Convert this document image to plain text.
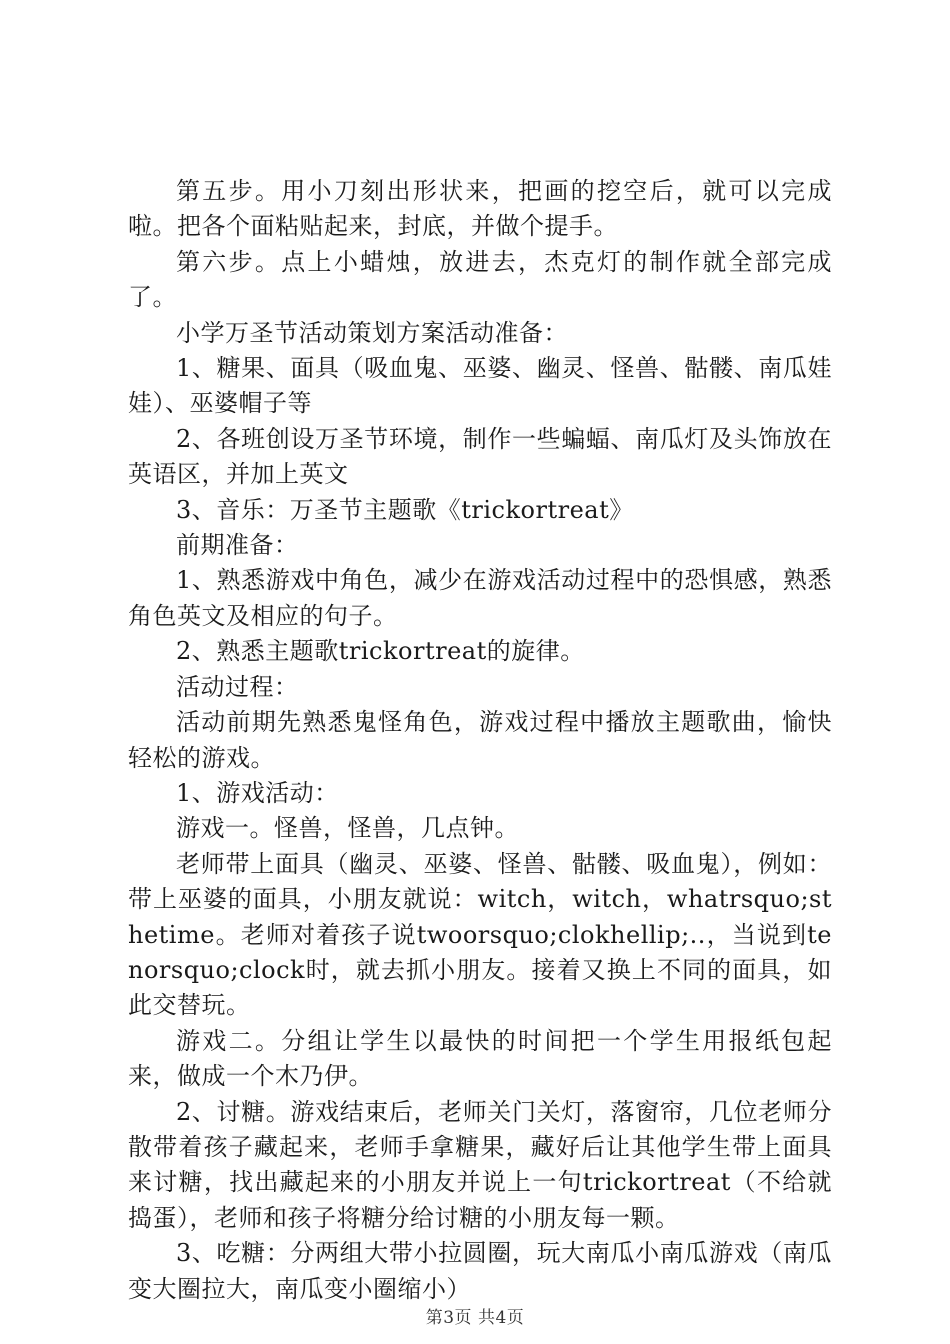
第五步。用小刀刻出形状来，把画的挖空后，就可以完成啦。把各个面粘贴起来，封底，并做个提手。

第六步。点上小蜡烛，放进去，杰克灯的制作就全部完成了。

小学万圣节活动策划方案活动准备：

1、糖果、面具（吸血鬼、巫婆、幽灵、怪兽、骷髅、南瓜娃娃）、巫婆帽子等

2、各班创设万圣节环境，制作一些蝙蝠、南瓜灯及头饰放在英语区，并加上英文

3、音乐：万圣节主题歌《trickortreat》

前期准备：

1、熟悉游戏中角色，减少在游戏活动过程中的恐惧感，熟悉角色英文及相应的句子。

2、熟悉主题歌trickortreat的旋律。

活动过程：

活动前期先熟悉鬼怪角色，游戏过程中播放主题歌曲，愉快轻松的游戏。

1、游戏活动：

游戏一。怪兽，怪兽，几点钟。

老师带上面具（幽灵、巫婆、怪兽、骷髅、吸血鬼），例如：带上巫婆的面具，小朋友就说：witch，witch，whatrsquo;sthetime。老师对着孩子说twoorsquo;clokhellip;..，当说到tenorsquo;clock时，就去抓小朋友。接着又换上不同的面具，如此交替玩。

游戏二。分组让学生以最快的时间把一个学生用报纸包起来，做成一个木乃伊。

2、讨糖。游戏结束后，老师关门关灯，落窗帘，几位老师分散带着孩子藏起来，老师手拿糖果，藏好后让其他学生带上面具来讨糖，找出藏起来的小朋友并说上一句trickortreat（不给就捣蛋），老师和孩子将糖分给讨糖的小朋友每一颗。

3、吃糖：分两组大带小拉圆圈，玩大南瓜小南瓜游戏（南瓜变大圈拉大，南瓜变小圈缩小）

第3页 共4页
